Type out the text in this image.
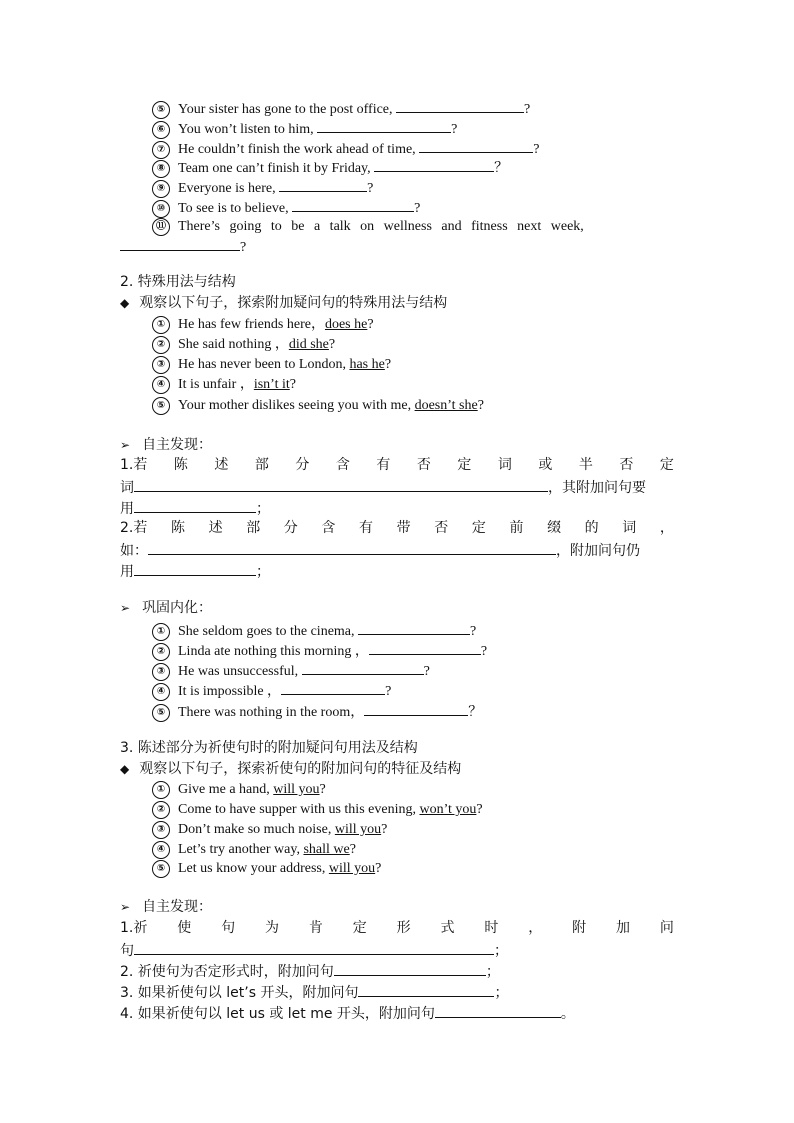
⑤ Your sister has gone to the post office,	?
⑥ You won’t listen to him,	?
⑦ He couldn’t finish the work ahead of time,	?
⑧ Team one can’t finish it by Friday,	？
⑨ Everyone is here,	?
⑩ To see is to believe,	?
⑪ There’s going to be a talk on wellness and fitness next week,
?
2. 特殊用法与结构
◆ 观察以下句子，探索附加疑问句的特殊用法与结构
① He has few friends here，does he?
② She said nothing ，did she?
③ He has never been to London, has he?
④ It is unfair ，isn’t it?
⑤ Your mother dislikes seeing you with me, doesn’t she?
➢ 自主发现：
1.若 陈 述 部 分 含 有 否 定 词 或 半 否 定
词	，其附加问句要
用	；
2.若 陈 述 部 分 含 有 带 否 定 前 缀 的 词 ，
如：	，附加问句仍
用	；
➢ 巩固内化：
① She seldom goes to the cinema,	?
② Linda ate nothing this morning ，	?
③ He was unsuccessful,	?
④ It is impossible ，	?
⑤ There was nothing in the room，	？
3. 陈述部分为祈使句时的附加疑问句用法及结构
◆ 观察以下句子，探索祈使句的附加问句的特征及结构
① Give me a hand, will you?
② Come to have supper with us this evening, won’t you?
③ Don’t make so much noise, will you?
④ Let’s try another way, shall we?
⑤ Let us know your address, will you?
➢ 自主发现：
1.祈 使 句 为 肯 定 形 式 时 ， 附 加 问
句	；
2. 祈使句为否定形式时，附加问句	；
3. 如果祈使句以 let’s 开头，附加问句	；
4. 如果祈使句以 let us 或 let me 开头，附加问句	。
